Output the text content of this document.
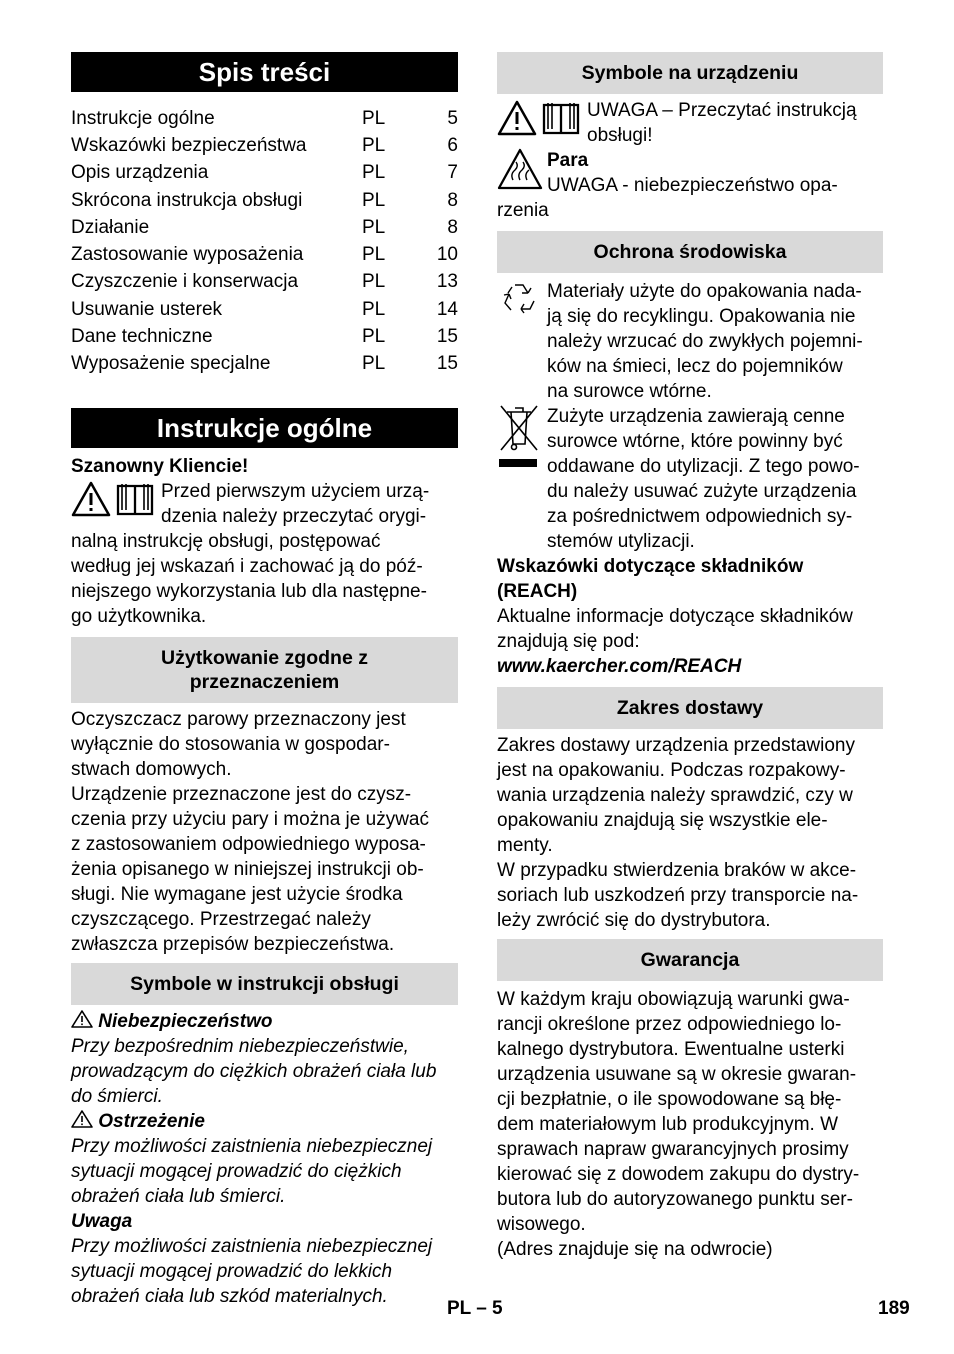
Spis treści
Instrukcje ogólne	PL	5
Wskazówki bezpieczeństwa	PL	6
Opis urządzenia	PL	7
Skrócona instrukcja obsługi	PL	8
Działanie	PL	8
Zastosowanie wyposażenia	PL	10
Czyszczenie i konserwacja	PL	13
Usuwanie usterek	PL	14
Dane techniczne	PL	15
Wyposażenie specjalne	PL	15
Instrukcje ogólne

Szanowny Kliencie!

Przed pierwszym użyciem urzą-

dzenia należy przeczytać orygi-

nalną instrukcję obsługi, postępować

według jej wskazań i zachować ją do póź-

niejszego wykorzystania lub dla następne-

go użytkownika.

Użytkowanie zgodne z
przeznaczeniem

Oczyszczacz parowy przeznaczony jest

wyłącznie do stosowania w gospodar-

stwach domowych.

Urządzenie przeznaczone jest do czysz-

czenia przy użyciu pary i można je używać

z zastosowaniem odpowiedniego wyposa-

żenia opisanego w niniejszej instrukcji ob-

sługi. Nie wymagane jest użycie środka

czyszczącego. Przestrzegać należy

zwłaszcza przepisów bezpieczeństwa.

Symbole w instrukcji obsługi

Niebezpieczeństwo

Przy bezpośrednim niebezpieczeństwie,

prowadzącym do ciężkich obrażeń ciała lub

do śmierci.

Ostrzeżenie

Przy możliwości zaistnienia niebezpiecznej

sytuacji mogącej prowadzić do ciężkich

obrażeń ciała lub śmierci.

Uwaga

Przy możliwości zaistnienia niebezpiecznej

sytuacji mogącej prowadzić do lekkich

obrażeń ciała lub szkód materialnych.

Symbole na urządzeniu

UWAGA – Przeczytać instrukcją

obsługi!

Para

UWAGA - niebezpieczeństwo opa-

rzenia

Ochrona środowiska

Materiały użyte do opakowania nada-

ją się do recyklingu. Opakowania nie

należy wrzucać do zwykłych pojemni-

ków na śmieci, lecz do pojemników

na surowce wtórne.

Zużyte urządzenia zawierają cenne

surowce wtórne, które powinny być

oddawane do utylizacji. Z tego powo-

du należy usuwać zużyte urządzenia

za pośrednictwem odpowiednich sy-

stemów utylizacji.

Wskazówki dotyczące składników

(REACH)

Aktualne informacje dotyczące składników

znajdują się pod:

www.kaercher.com/REACH

Zakres dostawy

Zakres dostawy urządzenia przedstawiony

jest na opakowaniu. Podczas rozpakowy-

wania urządzenia należy sprawdzić, czy w

opakowaniu znajdują się wszystkie ele-

menty.

W przypadku stwierdzenia braków w akce-

soriach lub uszkodzeń przy transporcie na-

leży zwrócić się do dystrybutora.

Gwarancja

W każdym kraju obowiązują warunki gwa-

rancji określone przez odpowiedniego lo-

kalnego dystrybutora. Ewentualne usterki

urządzenia usuwane są w okresie gwaran-

cji bezpłatnie, o ile spowodowane są błę-

dem materiałowym lub produkcyjnym. W

sprawach napraw gwarancyjnych prosimy

kierować się z dowodem zakupu do dystry-

butora lub do autoryzowanego punktu ser-

wisowego.

(Adres znajduje się na odwrocie)

PL – 5	189
